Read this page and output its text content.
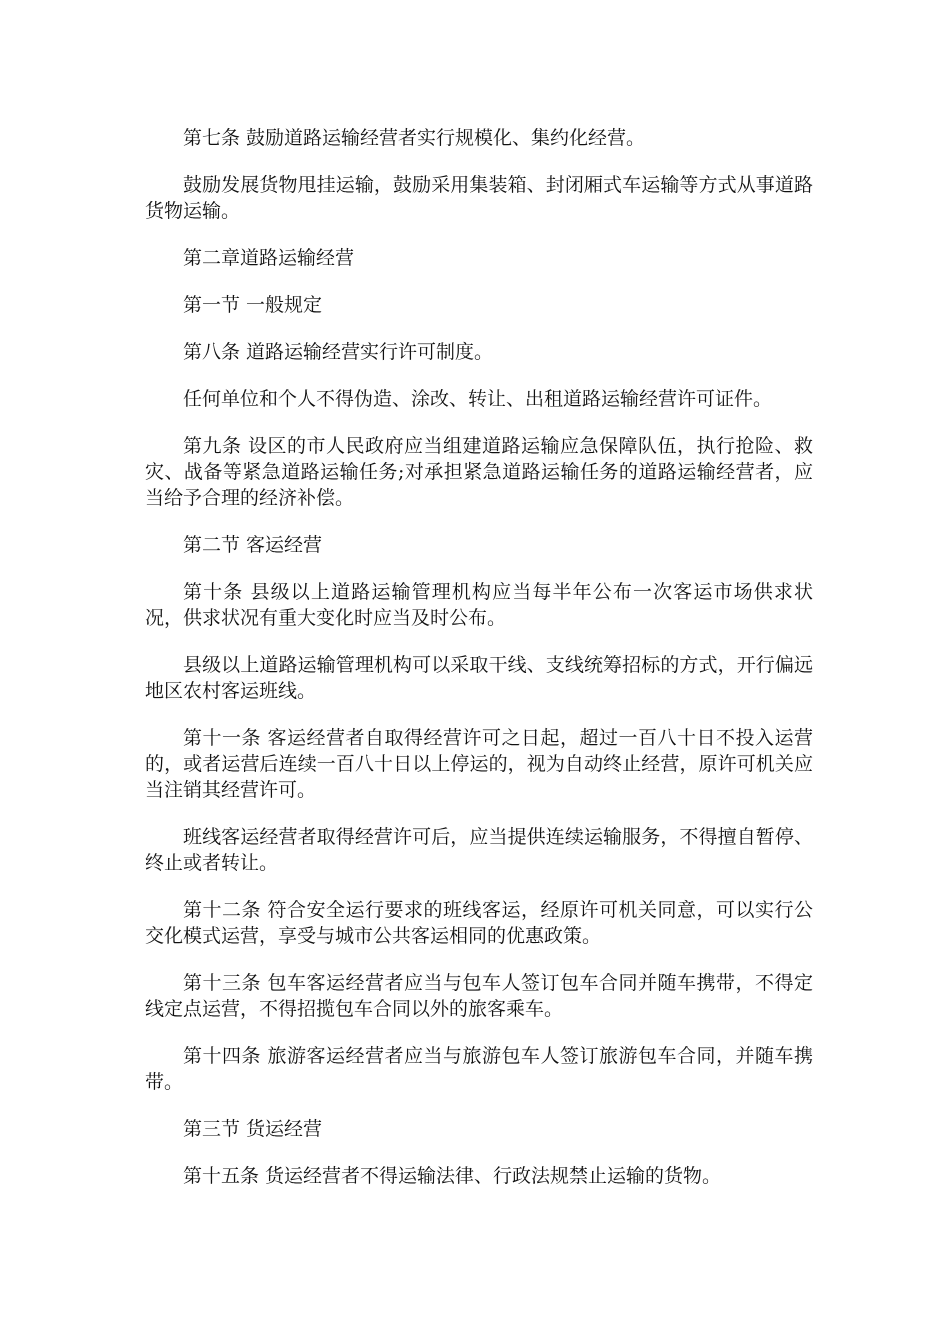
第七条 鼓励道路运输经营者实行规模化、集约化经营。

鼓励发展货物甩挂运输，鼓励采用集装箱、封闭厢式车运输等方式从事道路货物运输。

第二章道路运输经营

第一节 一般规定

第八条 道路运输经营实行许可制度。

任何单位和个人不得伪造、涂改、转让、出租道路运输经营许可证件。

第九条 设区的市人民政府应当组建道路运输应急保障队伍，执行抢险、救灾、战备等紧急道路运输任务;对承担紧急道路运输任务的道路运输经营者，应当给予合理的经济补偿。

第二节 客运经营

第十条 县级以上道路运输管理机构应当每半年公布一次客运市场供求状况，供求状况有重大变化时应当及时公布。

县级以上道路运输管理机构可以采取干线、支线统筹招标的方式，开行偏远地区农村客运班线。

第十一条 客运经营者自取得经营许可之日起，超过一百八十日不投入运营的，或者运营后连续一百八十日以上停运的，视为自动终止经营，原许可机关应当注销其经营许可。

班线客运经营者取得经营许可后，应当提供连续运输服务，不得擅自暂停、终止或者转让。

第十二条 符合安全运行要求的班线客运，经原许可机关同意，可以实行公交化模式运营，享受与城市公共客运相同的优惠政策。

第十三条 包车客运经营者应当与包车人签订包车合同并随车携带，不得定线定点运营，不得招揽包车合同以外的旅客乘车。

第十四条 旅游客运经营者应当与旅游包车人签订旅游包车合同，并随车携带。

第三节 货运经营

第十五条 货运经营者不得运输法律、行政法规禁止运输的货物。
